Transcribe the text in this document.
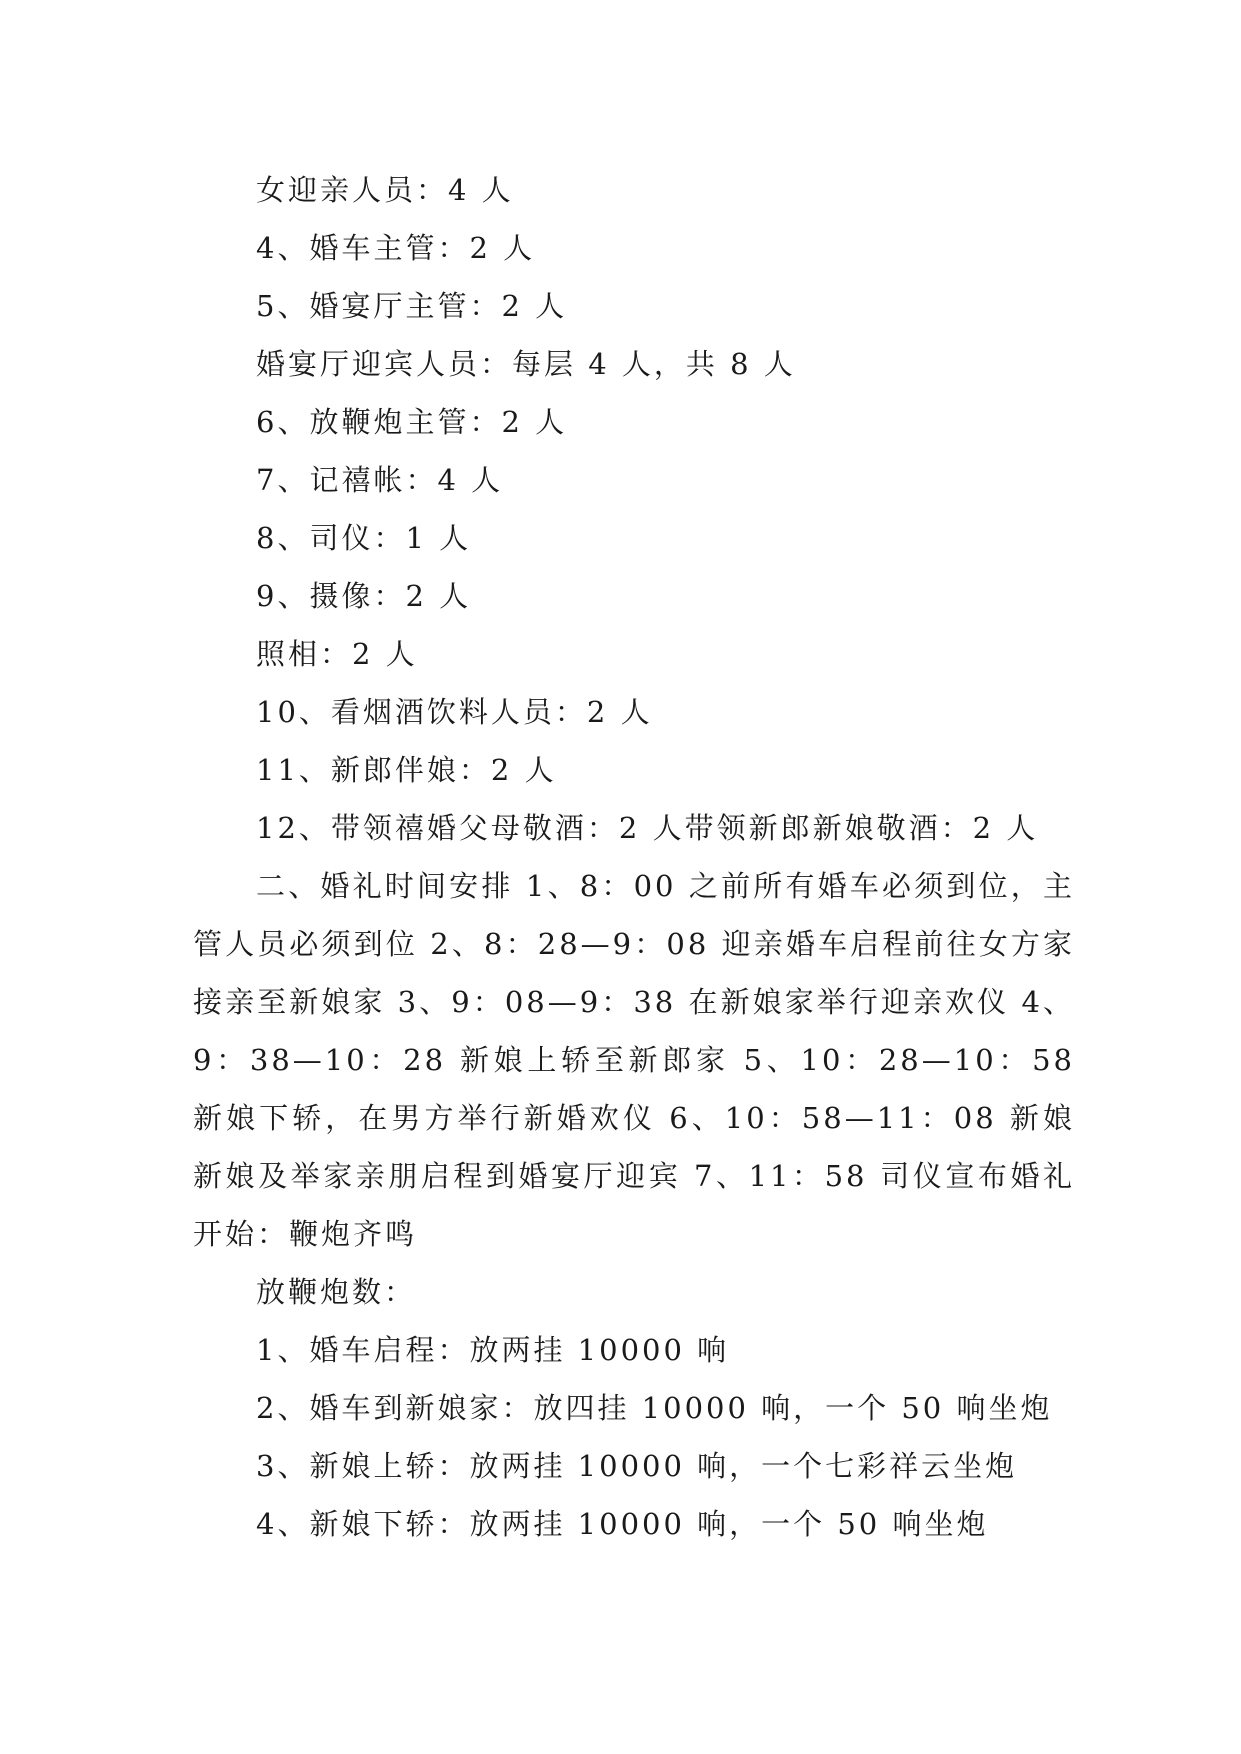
女迎亲人员：4 人
4、婚车主管：2 人
5、婚宴厅主管：2 人
婚宴厅迎宾人员：每层 4 人，共 8 人
6、放鞭炮主管：2 人
7、记禧帐：4 人
8、司仪：1 人
9、摄像：2 人
照相：2 人
10、看烟酒饮料人员：2 人
11、新郎伴娘：2 人
12、带领禧婚父母敬酒：2 人带领新郎新娘敬酒：2 人
二、婚礼时间安排 1、8：00 之前所有婚车必须到位，主管人员必须到位 2、8：28—9：08 迎亲婚车启程前往女方家接亲至新娘家 3、9：08—9：38 在新娘家举行迎亲欢仪 4、9：38—10：28 新娘上轿至新郎家 5、10：28—10：58 新娘下轿，在男方举行新婚欢仪 6、10：58—11：08 新娘新娘及举家亲朋启程到婚宴厅迎宾 7、11：58 司仪宣布婚礼开始：鞭炮齐鸣
放鞭炮数：
1、婚车启程：放两挂 10000 响
2、婚车到新娘家：放四挂 10000 响，一个 50 响坐炮
3、新娘上轿：放两挂 10000 响，一个七彩祥云坐炮
4、新娘下轿：放两挂 10000 响，一个 50 响坐炮
